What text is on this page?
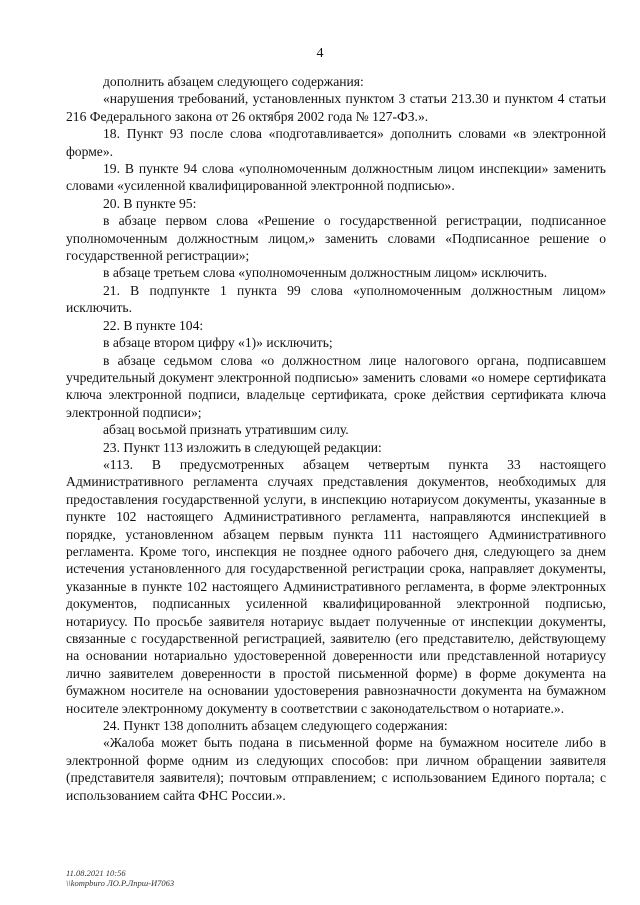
4

дополнить абзацем следующего содержания:

«нарушения требований, установленных пунктом 3 статьи 213.30 и пунктом 4 статьи 216 Федерального закона от 26 октября 2002 года № 127-ФЗ.».

18. Пункт 93 после слова «подготавливается» дополнить словами «в электронной форме».

19. В пункте 94 слова «уполномоченным должностным лицом инспекции» заменить словами «усиленной квалифицированной электронной подписью».

20. В пункте 95:

в абзаце первом слова «Решение о государственной регистрации, подписанное уполномоченным должностным лицом,» заменить словами «Подписанное решение о государственной регистрации»;

в абзаце третьем слова «уполномоченным должностным лицом» исключить.

21. В подпункте 1 пункта 99 слова «уполномоченным должностным лицом» исключить.

22. В пункте 104:

в абзаце втором цифру «1)» исключить;

в абзаце седьмом слова «о должностном лице налогового органа, подписавшем учредительный документ электронной подписью» заменить словами «о номере сертификата ключа электронной подписи, владельце сертификата, сроке действия сертификата ключа электронной подписи»;

абзац восьмой признать утратившим силу.

23. Пункт 113 изложить в следующей редакции:

«113. В предусмотренных абзацем четвертым пункта 33 настоящего Административного регламента случаях представления документов, необходимых для предоставления государственной услуги, в инспекцию нотариусом документы, указанные в пункте 102 настоящего Административного регламента, направляются инспекцией в порядке, установленном абзацем первым пункта 111 настоящего Административного регламента. Кроме того, инспекция не позднее одного рабочего дня, следующего за днем истечения установленного для государственной регистрации срока, направляет документы, указанные в пункте 102 настоящего Административного регламента, в форме электронных документов, подписанных усиленной квалифицированной электронной подписью, нотариусу. По просьбе заявителя нотариус выдает полученные от инспекции документы, связанные с государственной регистрацией, заявителю (его представителю, действующему на основании нотариально удостоверенной доверенности или представленной нотариусу лично заявителем доверенности в простой письменной форме) в форме документа на бумажном носителе на основании удостоверения равнозначности документа на бумажном носителе электронному документу в соответствии с законодательством о нотариате.».

24. Пункт 138 дополнить абзацем следующего содержания:

«Жалоба может быть подана в письменной форме на бумажном носителе либо в электронной форме одним из следующих способов: при личном обращении заявителя (представителя заявителя); почтовым отправлением; с использованием Единого портала; с использованием сайта ФНС России.».

11.08.2021 10:56
\\kompburo ЛО.Р.Лпрш-И7063
